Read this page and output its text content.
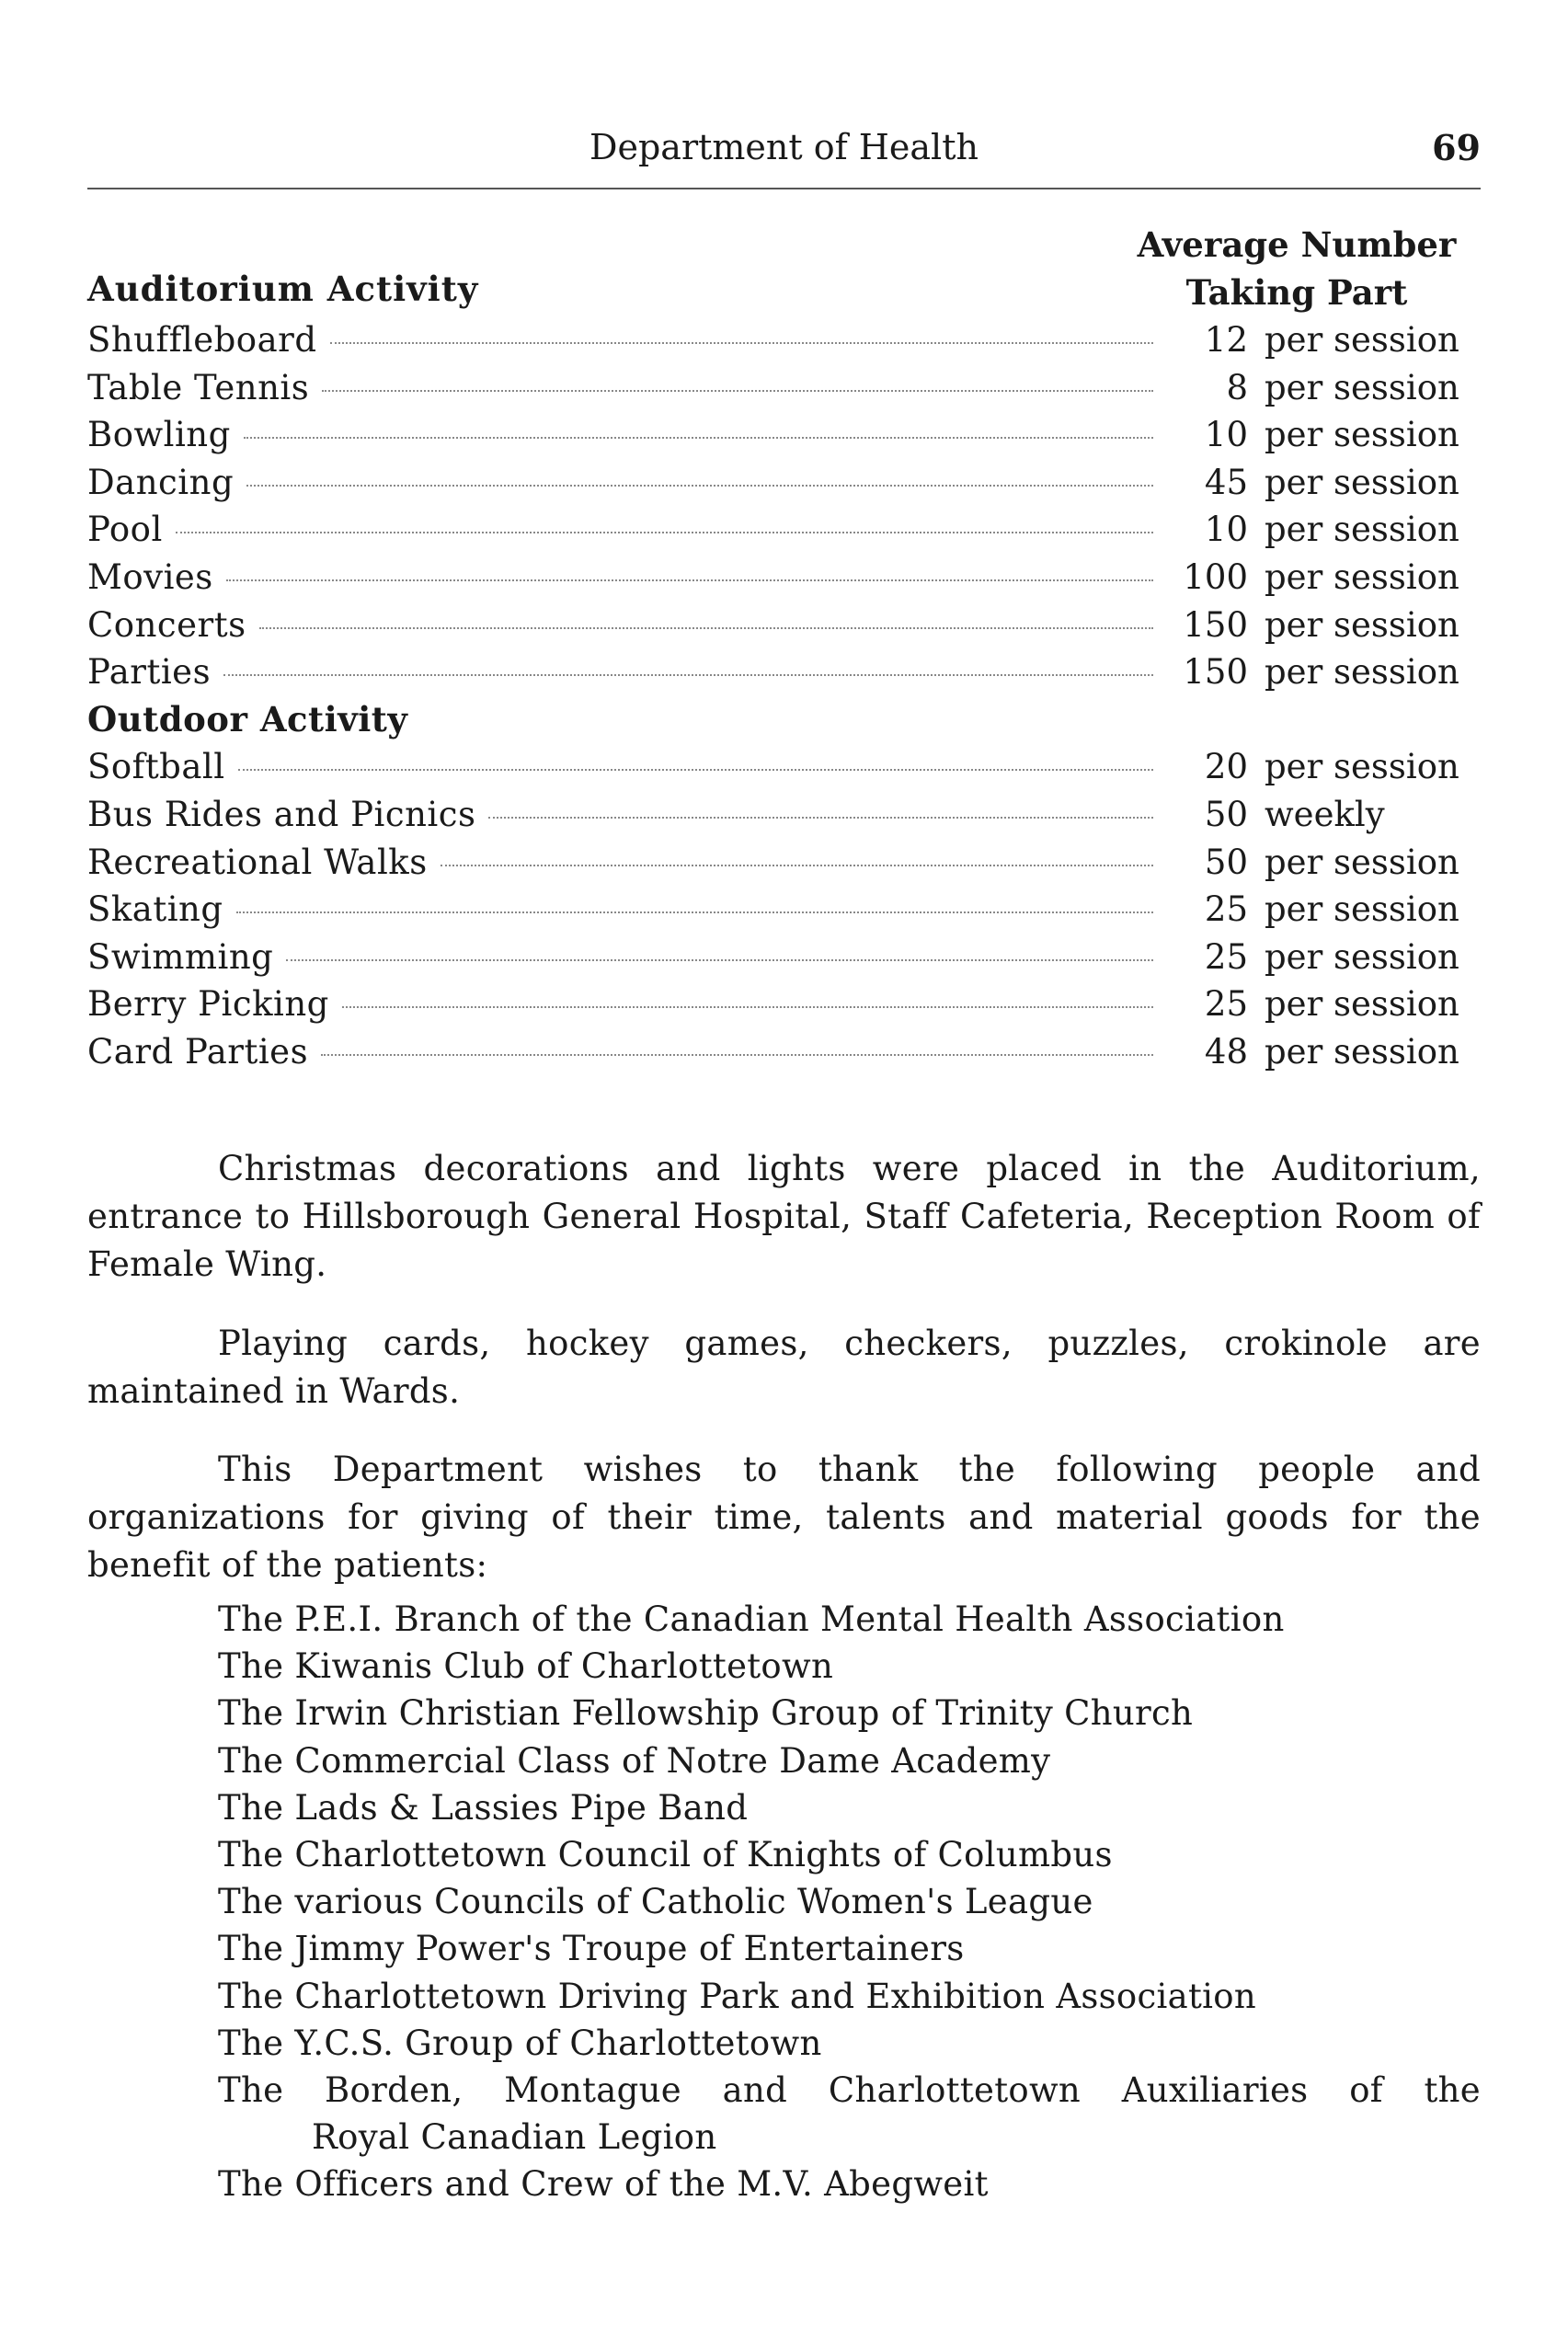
Department of Health	69
Auditorium Activity
Average Number
Taking Part
Shuffleboard	12 per session
Table Tennis	8 per session
Bowling	10 per session
Dancing	45 per session
Pool	10 per session
Movies	100 per session
Concerts	150 per session
Parties	150 per session
Outdoor Activity
Softball	20 per session
Bus Rides and Picnics	50 weekly
Recreational Walks	50 per session
Skating	25 per session
Swimming	25 per session
Berry Picking	25 per session
Card Parties	48 per session

Christmas decorations and lights were placed in the Auditorium, entrance to Hillsborough General Hospital, Staff Cafeteria, Reception Room of Female Wing.

Playing cards, hockey games, checkers, puzzles, crokinole are maintained in Wards.

This Department wishes to thank the following people and organizations for giving of their time, talents and material goods for the benefit of the patients:

The P.E.I. Branch of the Canadian Mental Health Association
The Kiwanis Club of Charlottetown
The Irwin Christian Fellowship Group of Trinity Church
The Commercial Class of Notre Dame Academy
The Lads & Lassies Pipe Band
The Charlottetown Council of Knights of Columbus
The various Councils of Catholic Women's League
The Jimmy Power's Troupe of Entertainers
The Charlottetown Driving Park and Exhibition Association
The Y.C.S. Group of Charlottetown
The Borden, Montague and Charlottetown Auxiliaries of the
Royal Canadian Legion
The Officers and Crew of the M.V. Abegweit
